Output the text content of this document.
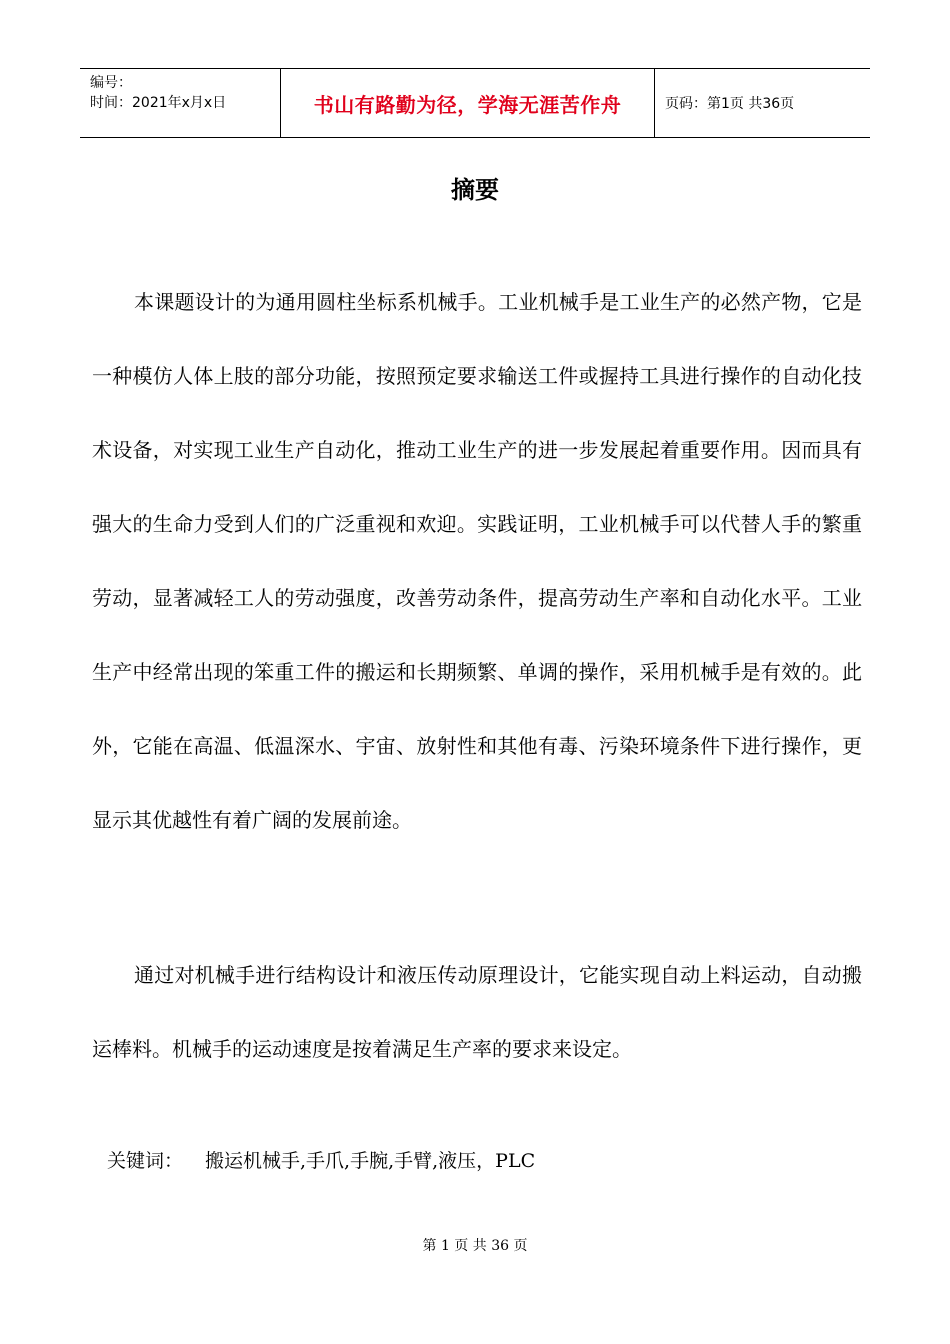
编号：
时间：2021年x月x日	书山有路勤为径，学海无涯苦作舟	页码：第1页 共36页
摘要

本课题设计的为通用圆柱坐标系机械手。工业机械手是工业生产的必然产物，它是一种模仿人体上肢的部分功能，按照预定要求输送工件或握持工具进行操作的自动化技术设备，对实现工业生产自动化，推动工业生产的进一步发展起着重要作用。因而具有强大的生命力受到人们的广泛重视和欢迎。实践证明，工业机械手可以代替人手的繁重劳动，显著减轻工人的劳动强度，改善劳动条件，提高劳动生产率和自动化水平。工业生产中经常出现的笨重工件的搬运和长期频繁、单调的操作，采用机械手是有效的。此外，它能在高温、低温深水、宇宙、放射性和其他有毒、污染环境条件下进行操作，更显示其优越性有着广阔的发展前途。

通过对机械手进行结构设计和液压传动原理设计，它能实现自动上料运动，自动搬运棒料。机械手的运动速度是按着满足生产率的要求来设定。

关键词： 搬运机械手,手爪,手腕,手臂,液压，PLC
第 1 页 共 36 页
